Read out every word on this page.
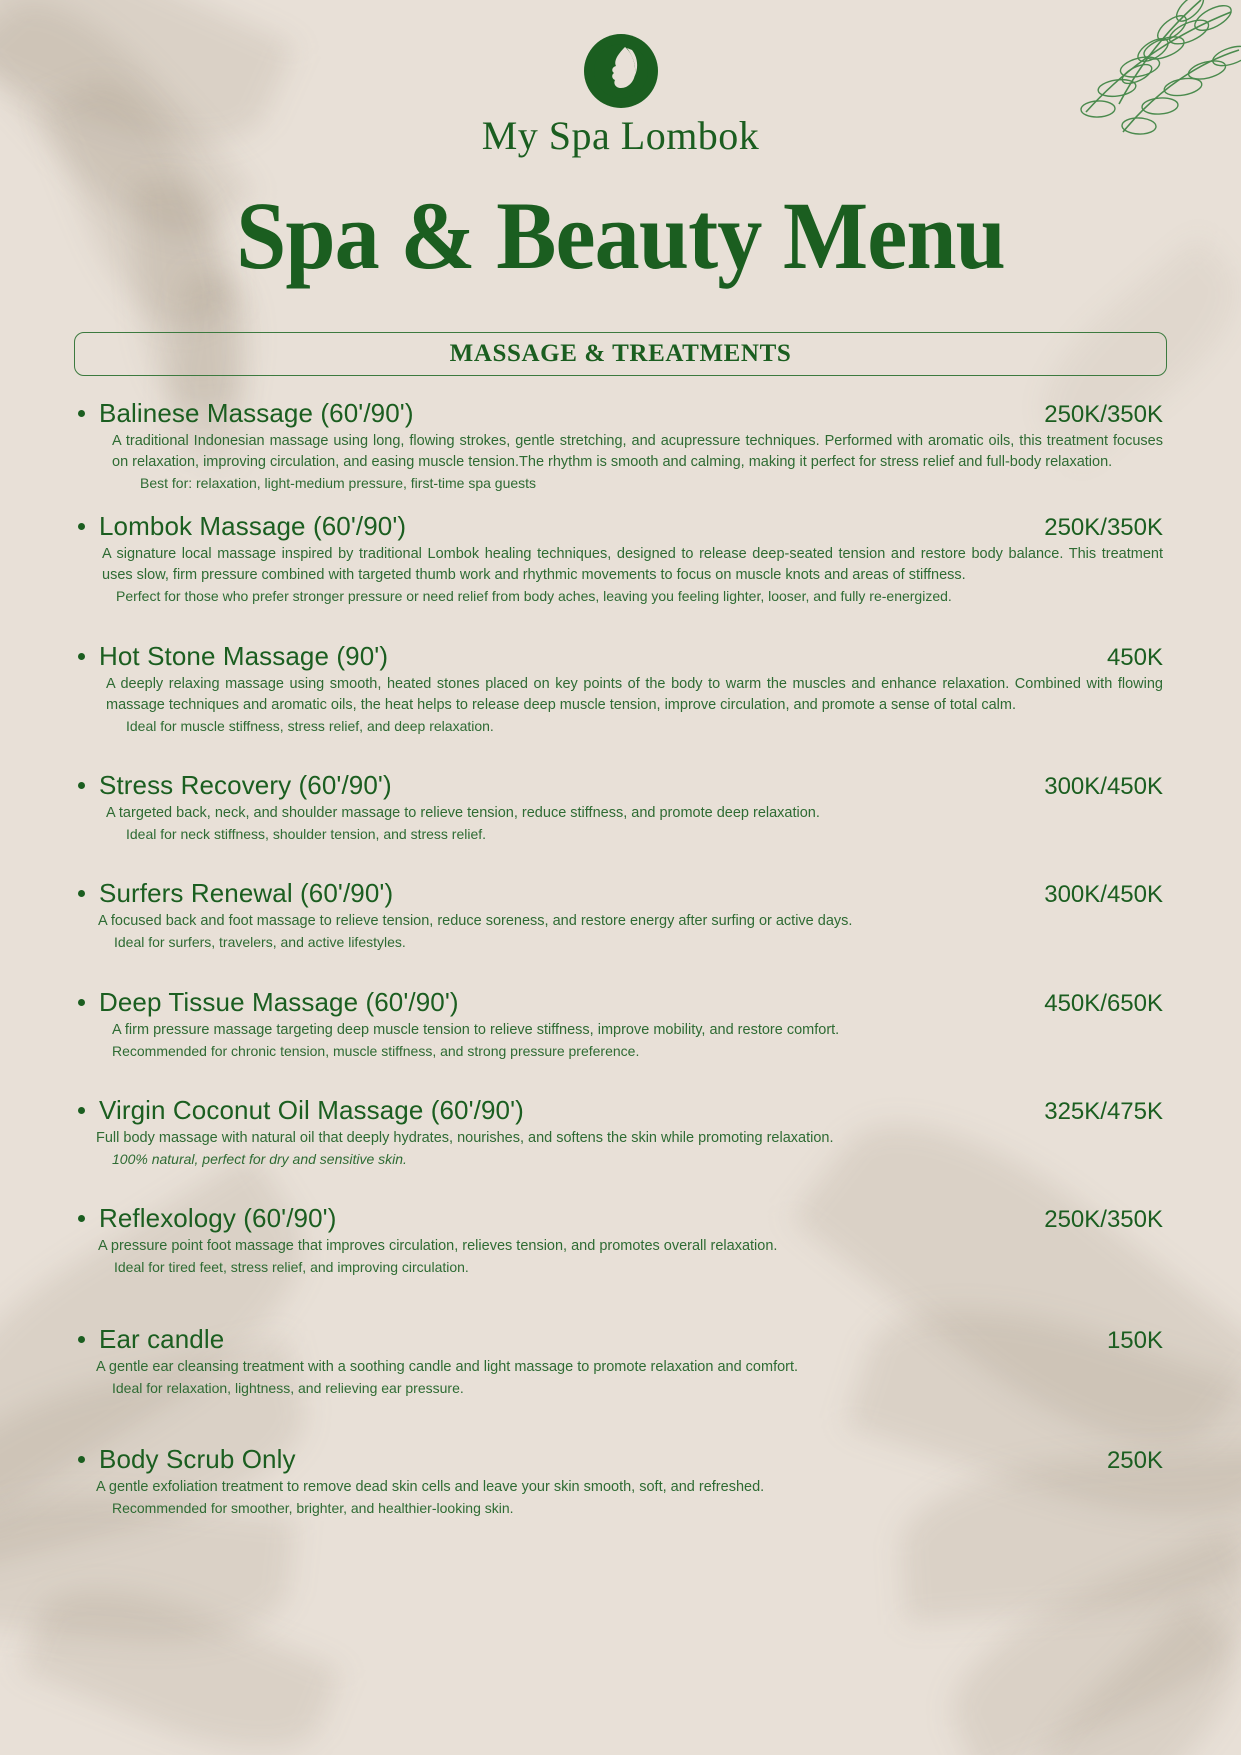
My Spa Lombok
Spa & Beauty Menu
MASSAGE & TREATMENTS
Balinese Massage (60'/90')	250K/350K
A traditional Indonesian massage using long, flowing strokes, gentle stretching, and acupressure techniques. Performed with aromatic oils, this treatment focuses on relaxation, improving circulation, and easing muscle tension.The rhythm is smooth and calming, making it perfect for stress relief and full-body relaxation.
Best for: relaxation, light-medium pressure, first-time spa guests
Lombok Massage (60'/90')	250K/350K
A signature local massage inspired by traditional Lombok healing techniques, designed to release deep-seated tension and restore body balance. This treatment uses slow, firm pressure combined with targeted thumb work and rhythmic movements to focus on muscle knots and areas of stiffness.
Perfect for those who prefer stronger pressure or need relief from body aches, leaving you feeling lighter, looser, and fully re-energized.
Hot Stone Massage (90')	450K
A deeply relaxing massage using smooth, heated stones placed on key points of the body to warm the muscles and enhance relaxation. Combined with flowing massage techniques and aromatic oils, the heat helps to release deep muscle tension, improve circulation, and promote a sense of total calm.
Ideal for muscle stiffness, stress relief, and deep relaxation.
Stress Recovery (60'/90')	300K/450K
A targeted back, neck, and shoulder massage to relieve tension, reduce stiffness, and promote deep relaxation.
Ideal for neck stiffness, shoulder tension, and stress relief.
Surfers Renewal (60'/90')	300K/450K
A focused back and foot massage to relieve tension, reduce soreness, and restore energy after surfing or active days.
Ideal for surfers, travelers, and active lifestyles.
Deep Tissue Massage (60'/90')	450K/650K
A firm pressure massage targeting deep muscle tension to relieve stiffness, improve mobility, and restore comfort.
Recommended for chronic tension, muscle stiffness, and strong pressure preference.
Virgin Coconut Oil Massage (60'/90')	325K/475K
Full body massage with natural oil that deeply hydrates, nourishes, and softens the skin while promoting relaxation.
100% natural, perfect for dry and sensitive skin.
Reflexology (60'/90')	250K/350K
A pressure point foot massage that improves circulation, relieves tension, and promotes overall relaxation.
Ideal for tired feet, stress relief, and improving circulation.
Ear candle	150K
A gentle ear cleansing treatment with a soothing candle and light massage to promote relaxation and comfort.
Ideal for relaxation, lightness, and relieving ear pressure.
Body Scrub Only	250K
A gentle exfoliation treatment to remove dead skin cells and leave your skin smooth, soft, and refreshed.
Recommended for smoother, brighter, and healthier-looking skin.
